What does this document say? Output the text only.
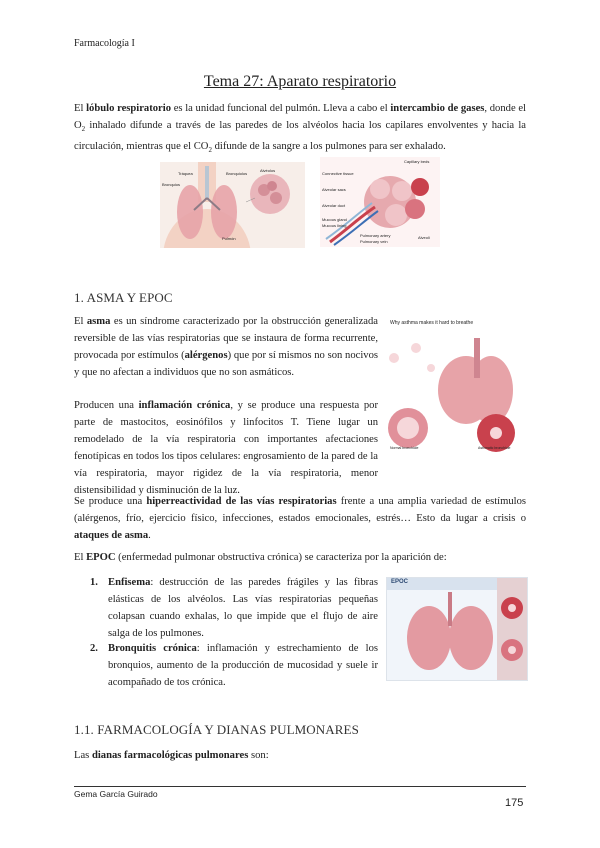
Farmacología I
Tema 27: Aparato respiratorio

El lóbulo respiratorio es la unidad funcional del pulmón. Lleva a cabo el intercambio de gases, donde el $O_2$ inhalado difunde a través de las paredes de los alvéolos hacia los capilares envolventes y hacia la circulación, mientras que el $CO_2$ difunde de la sangre a los pulmones para ser exhalado.

Tráquea
Bronquios
Bronquiolos
Alvéolos
Pulmón
Capillary beds
Connective tissue
Alveolar sacs
Alveolar duct
Mucous gland
Mucous lining
Pulmonary artery
Pulmonary vein
Alveoli
1. ASMA Y EPOC

El asma es un síndrome caracterizado por la obstrucción generalizada reversible de las vías respiratorias que se instaura de forma recurrente, provocada por estímulos (alérgenos) que por sí mismos no son nocivos y que no afectan a individuos que no son asmáticos.

Producen una inflamación crónica, y se produce una respuesta por parte de mastocitos, eosinófilos y linfocitos T. Tiene lugar un remodelado de la vía respiratoria con importantes afectaciones fenotípicas en todos los tipos celulares: engrosamiento de la pared de la vía respiratoria, mayor rigidez de la vía respiratoria, menor distensibilidad y disminución de la luz.

Why asthma makes it hard to breathe
Normal bronchiole	Asthmatic bronchiole

Se produce una hiperreactividad de las vías respiratorias frente a una amplia variedad de estímulos (alérgenos, frío, ejercicio físico, infecciones, estados emocionales, estrés… Esto da lugar a crisis o ataques de asma.

El EPOC (enfermedad pulmonar obstructiva crónica) se caracteriza por la aparición de:

1. Enfisema: destrucción de las paredes frágiles y las fibras elásticas de los alvéolos. Las vías respiratorias pequeñas colapsan cuando exhalas, lo que impide que el flujo de aire salga de los pulmones.
2. Bronquitis crónica: inflamación y estrechamiento de los bronquios, aumento de la producción de mucosidad y suele ir acompañado de tos crónica.
EPOC
1.1. FARMACOLOGÍA Y DIANAS PULMONARES

Las dianas farmacológicas pulmonares son:

Gema García Guirado
175
